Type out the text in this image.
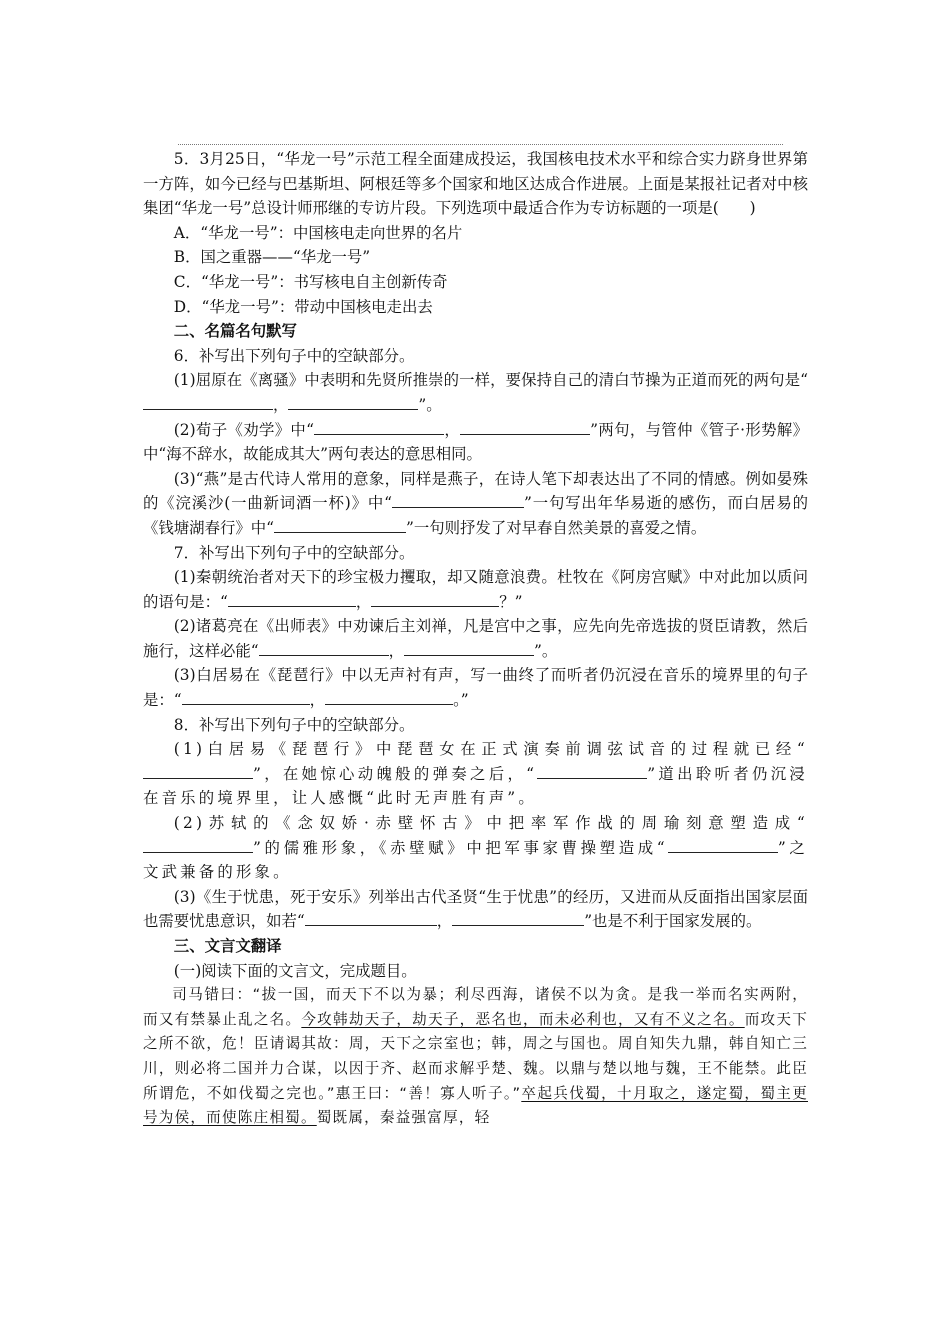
5．3月25日，“华龙一号”示范工程全面建成投运，我国核电技术水平和综合实力跻身世界第一方阵，如今已经与巴基斯坦、阿根廷等多个国家和地区达成合作进展。上面是某报社记者对中核集团“华龙一号”总设计师邢继的专访片段。下列选项中最适合作为专访标题的一项是(　　)

A．“华龙一号”：中国核电走向世界的名片

B．国之重器——“华龙一号”

C．“华龙一号”：书写核电自主创新传奇

D．“华龙一号”：带动中国核电走出去

二、名篇名句默写

6．补写出下列句子中的空缺部分。

(1)屈原在《离骚》中表明和先贤所推崇的一样，要保持自己的清白节操为正道而死的两句是“，	”。

(2)荀子《劝学》中“	，	”两句，与管仲《管子·形势解》中“海不辞水，故能成其大”两句表达的意思相同。

(3)“燕”是古代诗人常用的意象，同样是燕子，在诗人笔下却表达出了不同的情感。例如晏殊的《浣溪沙(一曲新词酒一杯)》中“	”一句写出年华易逝的感伤，而白居易的《钱塘湖春行》中“	”一句则抒发了对早春自然美景的喜爱之情。

7．补写出下列句子中的空缺部分。

(1)秦朝统治者对天下的珍宝极力攫取，却又随意浪费。杜牧在《阿房宫赋》中对此加以质问的语句是：“	，	？”

(2)诸葛亮在《出师表》中劝谏后主刘禅，凡是宫中之事，应先向先帝选拔的贤臣请教，然后施行，这样必能“	，	”。

(3)白居易在《琵琶行》中以无声衬有声，写一曲终了而听者仍沉浸在音乐的境界里的句子是：“	，	。”

8．补写出下列句子中的空缺部分。

(1)白居易《琵琶行》中琵琶女在正式演奏前调弦试音的过程就已经“”，在她惊心动魄般的弹奏之后，“	”道出聆听者仍沉浸在音乐的境界里，让人感慨“此时无声胜有声”。

(2)苏轼的《念奴娇·赤壁怀古》中把率军作战的周瑜刻意塑造成“”的儒雅形象，《赤壁赋》中把军事家曹操塑造成“	”之文武兼备的形象。

(3)《生于忧患，死于安乐》列举出古代圣贤“生于忧患”的经历，又进而从反面指出国家层面也需要忧患意识，如若“	，	”也是不利于国家发展的。

三、文言文翻译

(一)阅读下面的文言文，完成题目。

司马错曰：“拔一国，而天下不以为暴；利尽西海，诸侯不以为贪。是我一举而名实两附，而又有禁暴止乱之名。今攻韩劫天子，劫天子，恶名也，而未必利也，又有不义之名。而攻天下之所不欲，危！臣请谒其故：周，天下之宗室也；韩，周之与国也。周自知失九鼎，韩自知亡三川，则必将二国并力合谋，以因于齐、赵而求解乎楚、魏。以鼎与楚以地与魏，王不能禁。此臣所谓危，不如伐蜀之完也。”惠王曰：“善！寡人听子。”卒起兵伐蜀，十月取之，遂定蜀，蜀主更号为侯，而使陈庄相蜀。蜀既属，秦益强富厚，轻
